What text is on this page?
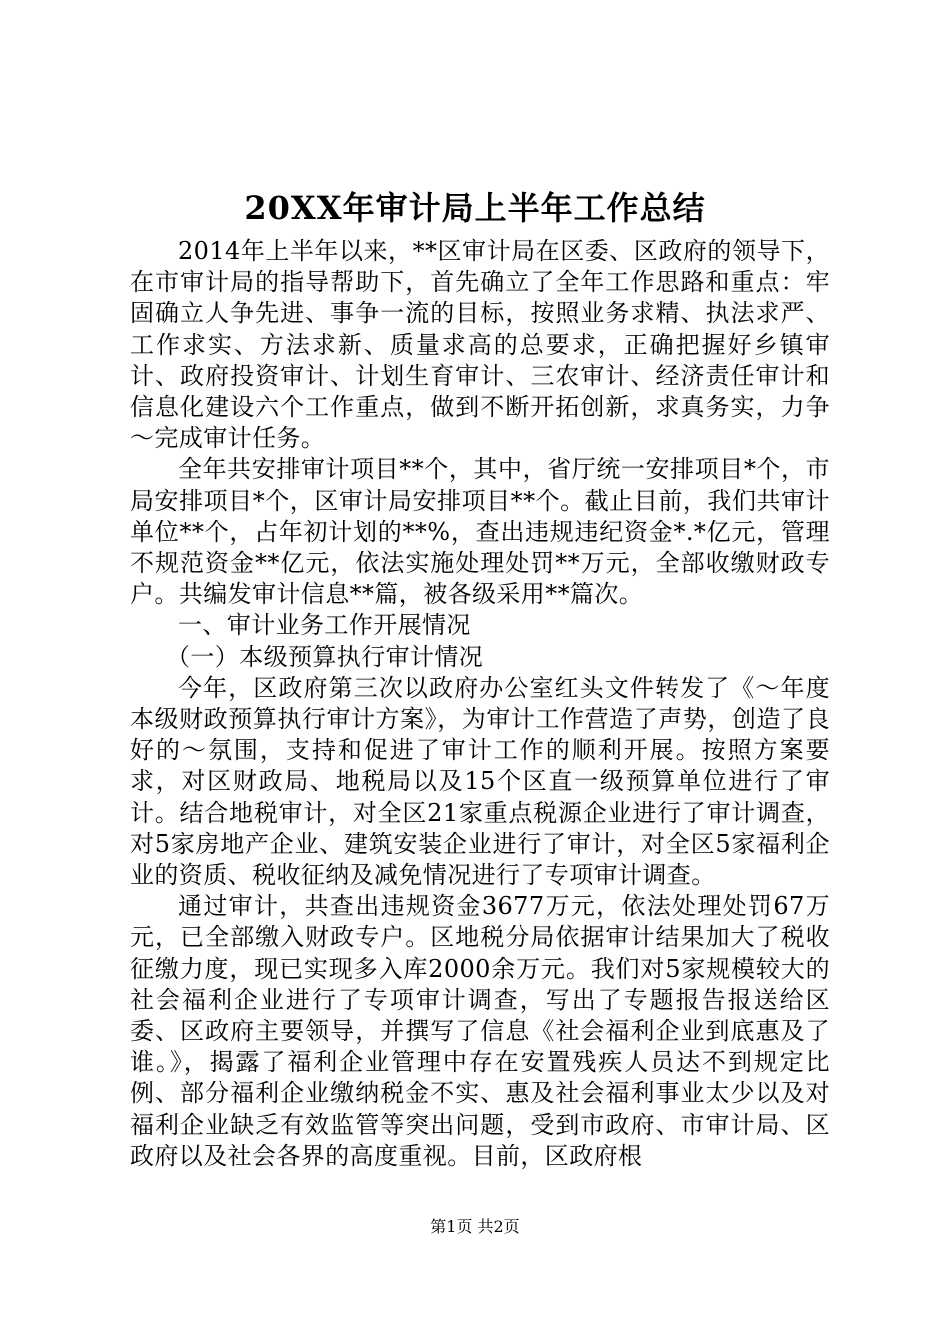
20XX年审计局上半年工作总结

2014年上半年以来，**区审计局在区委、区政府的领导下，在市审计局的指导帮助下，首先确立了全年工作思路和重点：牢固确立人争先进、事争一流的目标，按照业务求精、执法求严、工作求实、方法求新、质量求高的总要求，正确把握好乡镇审计、政府投资审计、计划生育审计、三农审计、经济责任审计和信息化建设六个工作重点，做到不断开拓创新，求真务实，力争～完成审计任务。

全年共安排审计项目**个，其中，省厅统一安排项目*个，市局安排项目*个，区审计局安排项目**个。截止目前，我们共审计单位**个，占年初计划的**%，查出违规违纪资金*.*亿元，管理不规范资金**亿元，依法实施处理处罚**万元，全部收缴财政专户。共编发审计信息**篇，被各级采用**篇次。

一、审计业务工作开展情况

（一）本级预算执行审计情况

今年，区政府第三次以政府办公室红头文件转发了《～年度本级财政预算执行审计方案》，为审计工作营造了声势，创造了良好的～氛围，支持和促进了审计工作的顺利开展。按照方案要求，对区财政局、地税局以及15个区直一级预算单位进行了审计。结合地税审计，对全区21家重点税源企业进行了审计调查，对5家房地产企业、建筑安装企业进行了审计，对全区5家福利企业的资质、税收征纳及减免情况进行了专项审计调查。

通过审计，共查出违规资金3677万元，依法处理处罚67万元，已全部缴入财政专户。区地税分局依据审计结果加大了税收征缴力度，现已实现多入库2000余万元。我们对5家规模较大的社会福利企业进行了专项审计调查，写出了专题报告报送给区委、区政府主要领导，并撰写了信息《社会福利企业到底惠及了谁。》，揭露了福利企业管理中存在安置残疾人员达不到规定比例、部分福利企业缴纳税金不实、惠及社会福利事业太少以及对福利企业缺乏有效监管等突出问题，受到市政府、市审计局、区政府以及社会各界的高度重视。目前，区政府根

第1页 共2页
